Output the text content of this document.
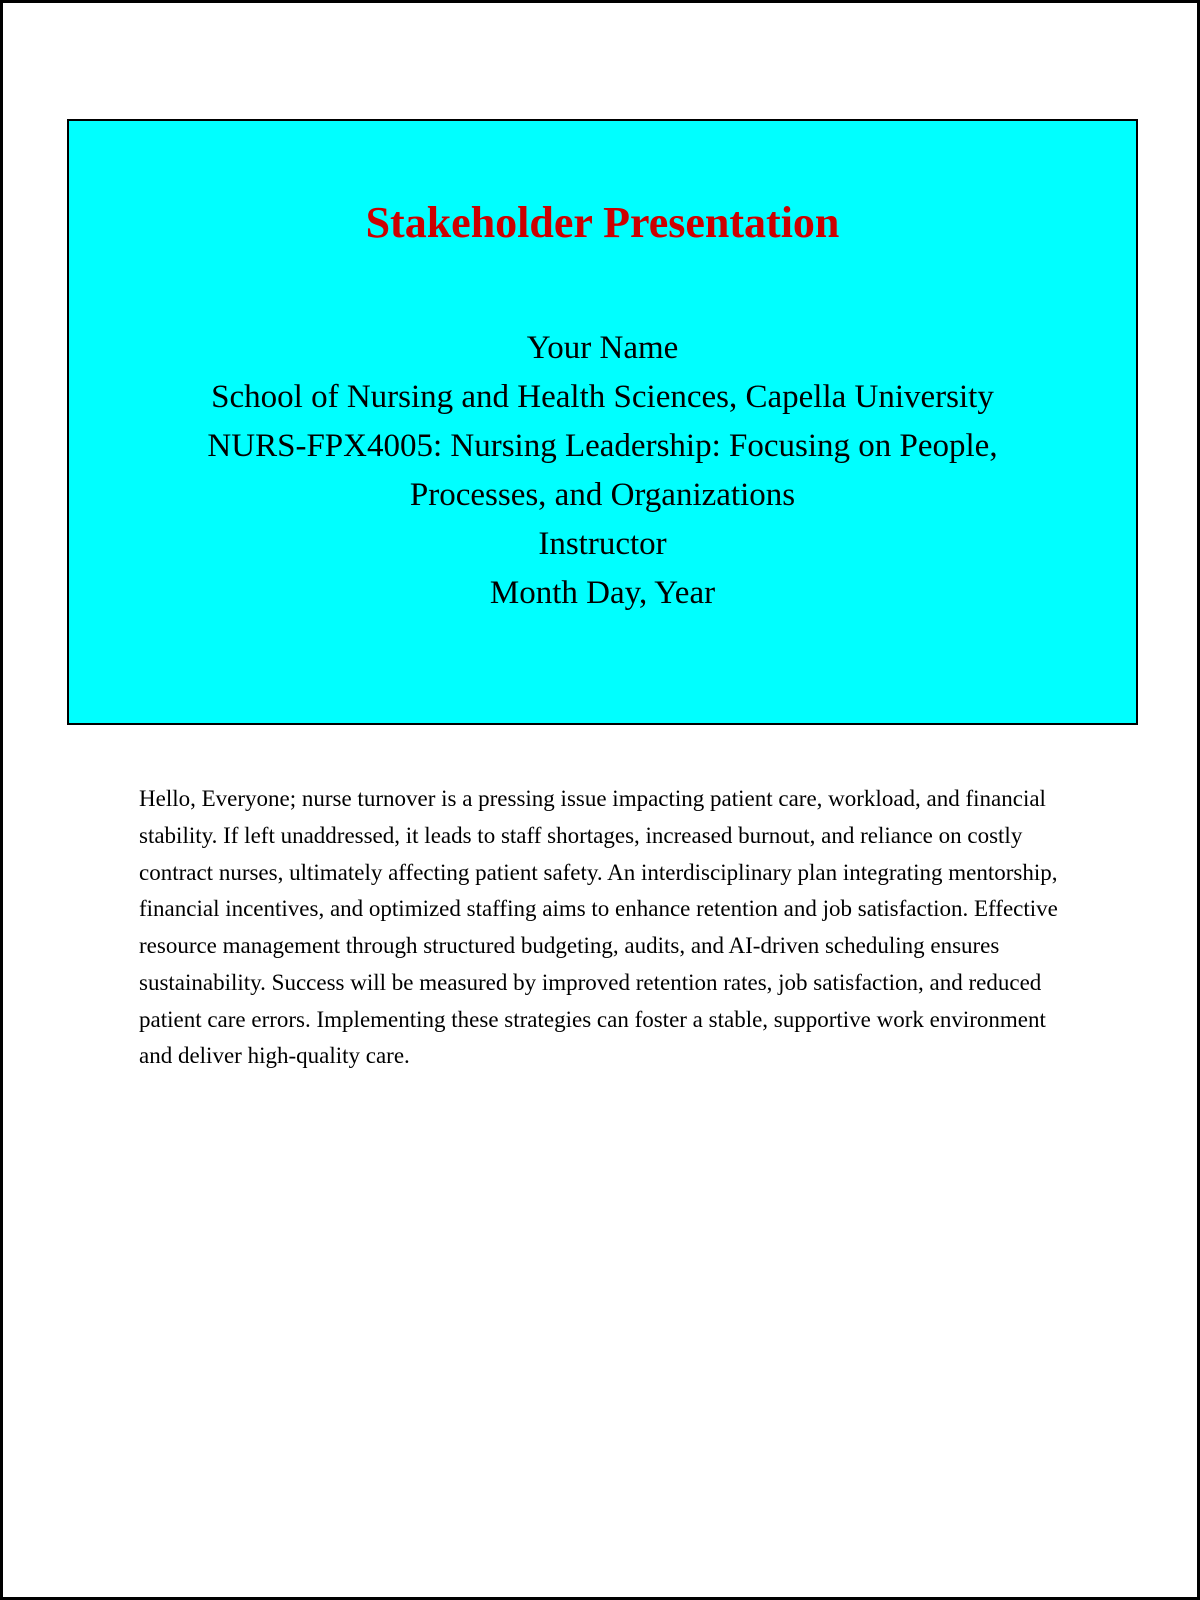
Stakeholder Presentation
Your Name
School of Nursing and Health Sciences, Capella University
NURS-FPX4005: Nursing Leadership: Focusing on People,
Processes, and Organizations
Instructor
Month Day, Year

Hello, Everyone; nurse turnover is a pressing issue impacting patient care, workload, and financial stability. If left unaddressed, it leads to staff shortages, increased burnout, and reliance on costly contract nurses, ultimately affecting patient safety. An interdisciplinary plan integrating mentorship, financial incentives, and optimized staffing aims to enhance retention and job satisfaction. Effective resource management through structured budgeting, audits, and AI-driven scheduling ensures sustainability. Success will be measured by improved retention rates, job satisfaction, and reduced patient care errors. Implementing these strategies can foster a stable, supportive work environment and deliver high-quality care.
